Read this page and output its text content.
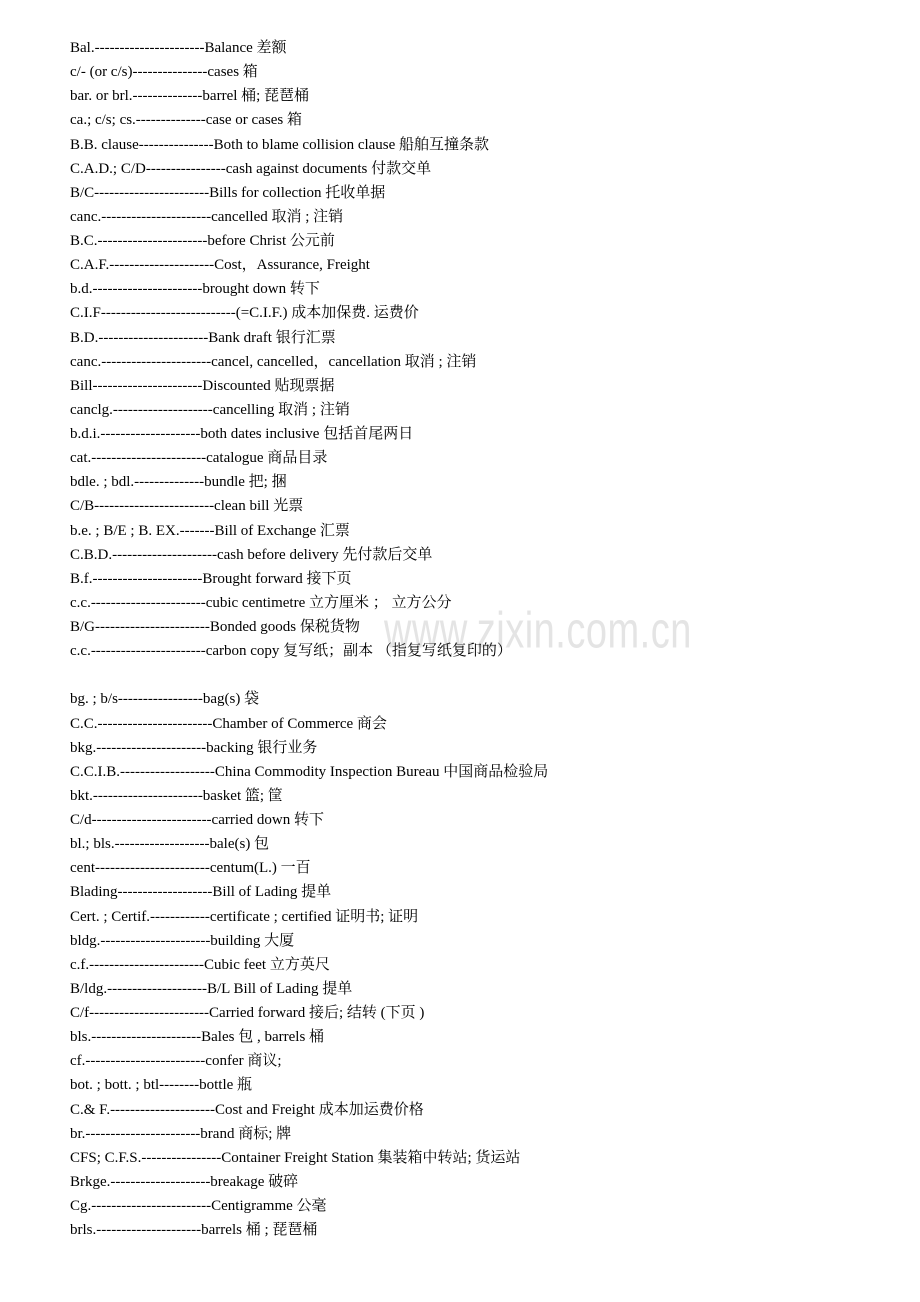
www.zixin.com.cn
Bal.----------------------Balance 差额
c/- (or c/s)---------------cases 箱
bar. or brl.--------------barrel 桶; 琵琶桶
ca.; c/s; cs.--------------case or cases 箱
B.B. clause---------------Both to blame collision clause 船舶互撞条款
C.A.D.; C/D----------------cash against documents 付款交单
B/C-----------------------Bills for collection 托收单据
canc.----------------------cancelled 取消 ; 注销
B.C.----------------------before Christ 公元前
C.A.F.---------------------Cost，Assurance, Freight
b.d.----------------------brought down 转下
C.I.F---------------------------(=C.I.F.) 成本加保费. 运费价
B.D.----------------------Bank draft 银行汇票
canc.----------------------cancel, cancelled，cancellation 取消 ; 注销
Bill----------------------Discounted 贴现票据
canclg.--------------------cancelling 取消 ; 注销
b.d.i.--------------------both dates inclusive 包括首尾两日
cat.-----------------------catalogue 商品目录
bdle. ; bdl.--------------bundle 把; 捆
C/B------------------------clean bill 光票
b.e. ; B/E ; B. EX.-------Bill of Exchange 汇票
C.B.D.---------------------cash before delivery 先付款后交单
B.f.----------------------Brought forward 接下页
c.c.-----------------------cubic centimetre 立方厘米 ； 立方公分
B/G-----------------------Bonded goods 保税货物
c.c.-----------------------carbon copy 复写纸；副本 （指复写纸复印的）
bg. ; b/s-----------------bag(s) 袋
C.C.-----------------------Chamber of Commerce 商会
bkg.----------------------backing 银行业务
C.C.I.B.-------------------China Commodity Inspection Bureau 中国商品检验局
bkt.----------------------basket 篮; 筐
C/d------------------------carried down 转下
bl.; bls.-------------------bale(s) 包
cent-----------------------centum(L.) 一百
Blading-------------------Bill of Lading 提单
Cert. ; Certif.------------certificate ; certified 证明书; 证明
bldg.----------------------building 大厦
c.f.-----------------------Cubic feet 立方英尺
B/ldg.--------------------B/L Bill of Lading 提单
C/f------------------------Carried forward 接后; 结转 (下页 )
bls.----------------------Bales 包 , barrels 桶
cf.------------------------confer 商议;
bot. ; bott. ; btl--------bottle 瓶
C.& F.---------------------Cost and Freight 成本加运费价格
br.-----------------------brand 商标; 牌
CFS; C.F.S.----------------Container Freight Station 集装箱中转站; 货运站
Brkge.--------------------breakage 破碎
Cg.------------------------Centigramme 公毫
brls.---------------------barrels 桶 ; 琵琶桶
